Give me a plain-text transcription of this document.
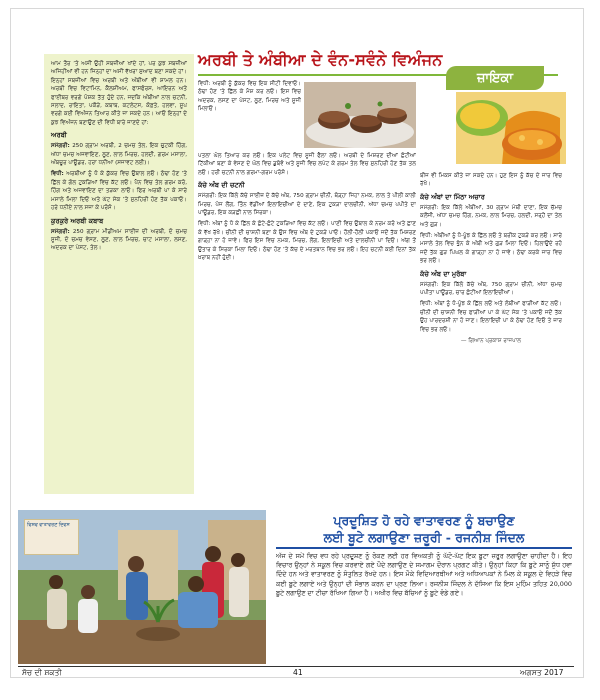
ਆਮ ਤੌਰ ’ਤੇ ਅਸੀਂ ਉਹੀ ਸਬਜ਼ੀਆਂ ਖਾਂਦੇ ਹਾਂ, ਪਰ ਕੁਝ ਸਬਜ਼ੀਆਂ ਅਜਿਹੀਆਂ ਵੀ ਹਨ ਜਿਨ੍ਹਾਂ ਦਾ ਅਸੀਂ ਵੱਖਰਾ ਸੁਆਦ ਬਣਾ ਸਕਦੇ ਹਾਂ। ਇਨ੍ਹਾਂ ਸਬਜ਼ੀਆਂ ਵਿਚ ਅਰਬੀ ਅਤੇ ਅੰਬੀਆਂ ਵੀ ਸ਼ਾਮਲ ਹਨ। ਅਰਬੀ ਵਿਚ ਵਿਟਾਮਿਨ, ਕੈਲਸ਼ੀਅਮ, ਫਾਸਫੋਰਸ, ਆਇਰਨ ਅਤੇ ਫਾਈਬਰ ਵਰਗੇ ਪੋਸ਼ਕ ਤੱਤ ਹੁੰਦੇ ਹਨ, ਜਦਕਿ ਅੰਬੀਆਂ ਨਾਲ ਚਟਨੀ, ਸਲਾਦ, ਰਾਇਤਾ, ਪਕੌੜੇ, ਕਬਾਬ, ਕਟਲੇਟਸ, ਕੋਫ਼ਤੇ, ਹਲਵਾ, ਸੂਪ ਵਰਗੇ ਕਈ ਵਿਅੰਜਨ ਤਿਆਰ ਕੀਤੇ ਜਾ ਸਕਦੇ ਹਨ। ਆਓ ਇਨ੍ਹਾਂ ਦੇ ਕੁਝ ਵਿਅੰਜਨ ਬਣਾਉਣ ਦੀ ਵਿਧੀ ਬਾਰੇ ਜਾਣਦੇ ਹਾਂ:

ਅਰਬੀ

ਸਮੱਗਰੀ: 250 ਗ੍ਰਾਮ ਅਰਬੀ, 2 ਚਮਚ ਤੇਲ, ਇਕ ਚੁਟਕੀ ਹਿੰਗ, ਅੱਧਾ ਚਮਚ ਅਜਵਾਇਣ, ਲੂਣ, ਲਾਲ ਮਿਰਚ, ਹਲਦੀ, ਗਰਮ ਮਸਾਲਾ, ਅੰਬਚੂਰ ਪਾਊਡਰ, ਹਰਾ ਧਨੀਆ (ਸਜਾਵਟ ਲਈ)।

ਵਿਧੀ: ਅਰਬੀਆਂ ਨੂੰ ਧੋ ਕੇ ਕੁੱਕਰ ਵਿਚ ਉਬਾਲ ਲਓ। ਠੰਢਾ ਹੋਣ ’ਤੇ ਛਿੱਲ ਕੇ ਗੋਲ ਟੁਕੜਿਆਂ ਵਿਚ ਕੱਟ ਲਓ। ਪੈਨ ਵਿਚ ਤੇਲ ਗਰਮ ਕਰੋ, ਹਿੰਗ ਅਤੇ ਅਜਵਾਇਣ ਦਾ ਤੜਕਾ ਲਾਓ। ਫਿਰ ਅਰਬੀ ਪਾ ਕੇ ਸਾਰੇ ਮਸਾਲੇ ਮਿਲਾ ਦਿਓ ਅਤੇ ਘੱਟ ਸੇਕ ’ਤੇ ਸੁਨਹਿਰੀ ਹੋਣ ਤੱਕ ਪਕਾਓ। ਹਰੇ ਧਨੀਏ ਨਾਲ ਸਜਾ ਕੇ ਪਰੋਸੋ।

ਕੁਰਕੁਰੇ ਅਰਬੀ ਕਬਾਬ

ਸਮੱਗਰੀ: 250 ਗ੍ਰਾਮ ਮੀਡੀਅਮ ਸਾਈਜ਼ ਦੀ ਅਰਬੀ, ਦੋ ਚਮਚ ਸੂਜੀ, ਦੋ ਚਮਚ ਵੇਸਣ, ਲੂਣ, ਲਾਲ ਮਿਰਚ, ਚਾਟ ਮਸਾਲਾ, ਲਸਣ, ਅਦਰਕ ਦਾ ਪੇਸਟ, ਤੇਲ।

ਅਰਬੀ ਤੇ ਅੰਬੀਆ ਦੇ ਵੰਨ-ਸਵੰਨੇ ਵਿਅੰਜਨ
ਜ਼ਾਇਕਾ

ਵਿਧੀ: ਅਰਬੀ ਨੂੰ ਕੁੱਕਰ ਵਿਚ ਇਕ ਸੀਟੀ ਦਿਵਾਓ। ਠੰਢਾ ਹੋਣ ’ਤੇ ਛਿੱਲ ਕੇ ਮੈਸ਼ ਕਰ ਲਓ। ਇਸ ਵਿਚ ਅਦਰਕ, ਲਸਣ ਦਾ ਪੇਸਟ, ਲੂਣ, ਮਿਰਚ ਅਤੇ ਸੂਜੀ ਮਿਲਾਓ।

ਪਤਲਾ ਘੋਲ ਤਿਆਰ ਕਰ ਲਓ। ਇਕ ਪਲੇਟ ਵਿਚ ਸੂਜੀ ਫੈਲਾ ਲਓ। ਅਰਬੀ ਦੇ ਮਿਸ਼ਰਣ ਦੀਆਂ ਛੋਟੀਆਂ ਟਿੱਕੀਆਂ ਬਣਾ ਕੇ ਵੇਸਣ ਦੇ ਘੋਲ ਵਿਚ ਡੁਬੋਵੋ ਅਤੇ ਸੂਜੀ ਵਿਚ ਲਪੇਟ ਕੇ ਗਰਮ ਤੇਲ ਵਿਚ ਸੁਨਹਿਰੀ ਹੋਣ ਤੱਕ ਤਲ ਲਓ। ਹਰੀ ਚਟਨੀ ਨਾਲ ਗਰਮਾ-ਗਰਮ ਪਰੋਸੋ।

ਕੱਚੇ ਅੰਬ ਦੀ ਚਟਨੀ

ਸਮੱਗਰੀ: ਇਕ ਕਿੱਲੋ ਕੱਚੇ ਸਾਈਜ਼ ਦੇ ਕੱਚੇ ਅੰਬ, 750 ਗ੍ਰਾਮ ਚੀਨੀ, ਥੋੜ੍ਹਾ ਜਿਹਾ ਨਮਕ, ਲਾਲ ਤੇ ਪੀਲੀ ਕਾਲੀ ਮਿਰਚ, ਪੰਜ ਲੌਂਗ, ਤਿੰਨ ਵੱਡੀਆਂ ਇਲਾਇਚੀਆਂ ਦੇ ਦਾਣੇ, ਇਕ ਟੁਕੜਾ ਦਾਲਚੀਨੀ, ਅੱਧਾ ਚਮਚ ਪਪੀਤੇ ਦਾ ਪਾਊਡਰ, ਇਕ ਕੜਛੀ ਨਾਲ ਸਿਰਕਾ।

ਵਿਧੀ: ਅੰਬਾਂ ਨੂੰ ਧੋ ਕੇ ਛਿੱਲ ਕੇ ਛੋਟੇ-ਛੋਟੇ ਟੁਕੜਿਆਂ ਵਿਚ ਕੱਟ ਲਓ। ਪਾਣੀ ਵਿਚ ਉਬਾਲ ਕੇ ਨਰਮ ਕਰੋ ਅਤੇ ਛਾਣ ਕੇ ਵੱਖ ਰੱਖੋ। ਚੀਨੀ ਦੀ ਚਾਸ਼ਨੀ ਬਣਾ ਕੇ ਉਸ ਵਿਚ ਅੰਬ ਦੇ ਟੁਕੜੇ ਪਾਓ। ਹੌਲੀ-ਹੌਲੀ ਪਕਾਓ ਜਦੋਂ ਤੱਕ ਮਿਸ਼ਰਣ ਗਾੜ੍ਹਾ ਨਾ ਹੋ ਜਾਵੇ। ਫਿਰ ਇਸ ਵਿਚ ਨਮਕ, ਮਿਰਚ, ਲੌਂਗ, ਇਲਾਇਚੀ ਅਤੇ ਦਾਲਚੀਨੀ ਪਾ ਦਿਓ। ਅੱਗ ਤੋਂ ਉਤਾਰ ਕੇ ਸਿਰਕਾ ਮਿਲਾ ਦਿਓ। ਠੰਢਾ ਹੋਣ ’ਤੇ ਕੱਚ ਦੇ ਮਰਤਬਾਨ ਵਿਚ ਭਰ ਲਓ। ਇਹ ਚਟਨੀ ਕਈ ਦਿਨਾਂ ਤੱਕ ਖ਼ਰਾਬ ਨਹੀਂ ਹੁੰਦੀ।

ਬੀਜ ਵੀ ਮਿਕਸ ਕੀਤੇ ਜਾ ਸਕਦੇ ਹਨ। ਹੁਣ ਇਸ ਨੂੰ ਕੱਚ ਦੇ ਜਾਰ ਵਿਚ ਰੱਖੋ।

ਕੱਚੇ ਅੰਬਾਂ ਦਾ ਮਿੱਠਾ ਅਚਾਰ

ਸਮੱਗਰੀ: ਇਕ ਕਿੱਲੋ ਅੰਬੀਆਂ, 30 ਗ੍ਰਾਮ ਮੇਥੀ ਦਾਣਾ, ਇਕ ਚੱਮਚ ਕਲੌਂਜੀ, ਅੱਧਾ ਚਮਚ ਹਿੰਗ, ਨਮਕ, ਲਾਲ ਮਿਰਚ, ਹਲਦੀ, ਸਰ੍ਹੋਂ ਦਾ ਤੇਲ ਅਤੇ ਗੁੜ।

ਵਿਧੀ: ਅੰਬੀਆਂ ਨੂੰ ਧੋ-ਪੂੰਝ ਕੇ ਛਿੱਲ ਲਓ ਤੇ ਬਰੀਕ ਟੁਕੜੇ ਕਰ ਲਓ। ਸਾਰੇ ਮਸਾਲੇ ਤੇਲ ਵਿਚ ਭੁੰਨ ਕੇ ਅੰਬੀ ਅਤੇ ਗੁੜ ਮਿਲਾ ਦਿਓ। ਹਿਲਾਉਂਦੇ ਰਹੋ ਜਦੋਂ ਤੱਕ ਗੁੜ ਪਿਘਲ ਕੇ ਗਾੜ੍ਹਾ ਨਾ ਹੋ ਜਾਵੇ। ਠੰਢਾ ਕਰਕੇ ਜਾਰ ਵਿਚ ਭਰ ਲਓ।

ਕੱਚੇ ਅੰਬ ਦਾ ਮੁਰੱਬਾ

ਸਮੱਗਰੀ: ਇਕ ਕਿੱਲੋ ਕੱਚੇ ਅੰਬ, 750 ਗ੍ਰਾਮ ਚੀਨੀ, ਅੱਧਾ ਚਮਚ ਪਪੀਤਾ ਪਾਊਡਰ, ਚਾਰ ਛੋਟੀਆਂ ਇਲਾਇਚੀਆਂ।

ਵਿਧੀ: ਅੰਬਾਂ ਨੂੰ ਧੋ-ਪੂੰਝ ਕੇ ਛਿੱਲ ਲਓ ਅਤੇ ਲੰਬੀਆਂ ਫਾੜੀਆਂ ਕੱਟ ਲਓ। ਚੀਨੀ ਦੀ ਚਾਸ਼ਨੀ ਵਿਚ ਫਾੜੀਆਂ ਪਾ ਕੇ ਘੱਟ ਸੇਕ ’ਤੇ ਪਕਾਓ ਜਦੋਂ ਤੱਕ ਉਹ ਪਾਰਦਰਸ਼ੀ ਨਾ ਹੋ ਜਾਣ। ਇਲਾਇਚੀ ਪਾ ਕੇ ਠੰਢਾ ਹੋਣ ਦਿਓ ਤੇ ਜਾਰ ਵਿਚ ਭਰ ਲਓ।

— ਗਿਆਨ ਪ੍ਰਕਾਸ਼ ਰਾਜਪਾਲ
ਵਿਸ਼ਵ ਵਾਤਾਵਰਣ ਦਿਵਸ	ਪ੍ਰਦੂਸ਼ਿਤ ਹੋ ਰਹੇ ਵਾਤਾਵਰਣ ਨੂੰ ਬਚਾਉਣ
ਲਈ ਬੂਟੇ ਲਗਾਉਣਾ ਜ਼ਰੂਰੀ - ਰਜਨੀਸ਼ ਜਿੰਦਲ

ਅੱਜ ਦੇ ਸਮੇਂ ਵਿਚ ਵਧ ਰਹੇ ਪ੍ਰਦੂਸ਼ਣ ਨੂੰ ਰੋਕਣ ਲਈ ਹਰ ਵਿਅਕਤੀ ਨੂੰ ਘੱਟੋ-ਘੱਟ ਇਕ ਬੂਟਾ ਜ਼ਰੂਰ ਲਗਾਉਣਾ ਚਾਹੀਦਾ ਹੈ। ਇਹ ਵਿਚਾਰ ਉਨ੍ਹਾਂ ਨੇ ਸਕੂਲ ਵਿਚ ਕਰਵਾਏ ਗਏ ਪੌਦੇ ਲਗਾਉਣ ਦੇ ਸਮਾਗਮ ਦੌਰਾਨ ਪ੍ਰਗਟ ਕੀਤੇ। ਉਨ੍ਹਾਂ ਕਿਹਾ ਕਿ ਬੂਟੇ ਸਾਨੂੰ ਸ਼ੁੱਧ ਹਵਾ ਦਿੰਦੇ ਹਨ ਅਤੇ ਵਾਤਾਵਰਣ ਨੂੰ ਸੰਤੁਲਿਤ ਰੱਖਦੇ ਹਨ। ਇਸ ਮੌਕੇ ਵਿਦਿਆਰਥੀਆਂ ਅਤੇ ਅਧਿਆਪਕਾਂ ਨੇ ਮਿਲ ਕੇ ਸਕੂਲ ਦੇ ਵਿਹੜੇ ਵਿਚ ਕਈ ਬੂਟੇ ਲਗਾਏ ਅਤੇ ਉਨ੍ਹਾਂ ਦੀ ਸੰਭਾਲ ਕਰਨ ਦਾ ਪ੍ਰਣ ਲਿਆ। ਰਜਨੀਸ਼ ਜਿੰਦਲ ਨੇ ਦੱਸਿਆ ਕਿ ਇਸ ਮੁਹਿੰਮ ਤਹਿਤ 20,000 ਬੂਟੇ ਲਗਾਉਣ ਦਾ ਟੀਚਾ ਰੱਖਿਆ ਗਿਆ ਹੈ। ਅਖੀਰ ਵਿਚ ਬੱਚਿਆਂ ਨੂੰ ਬੂਟੇ ਵੰਡੇ ਗਏ।

ਸੋਚ ਦੀ ਸ਼ਕਤੀ	41	ਅਗਸਤ 2017
